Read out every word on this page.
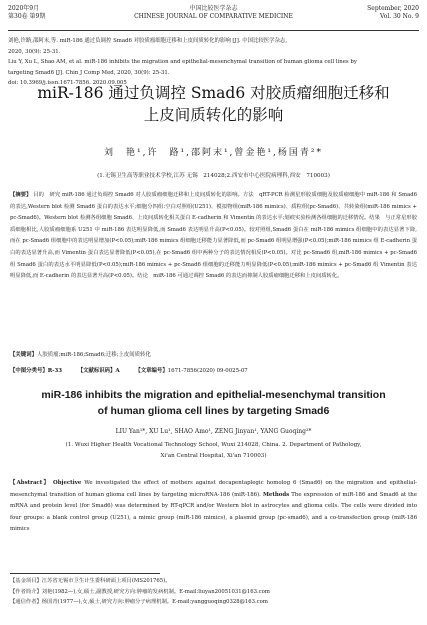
2020年9月
第30卷 第9期
中国比较医学杂志
CHINESE JOURNAL OF COMPARATIVE MEDICINE
September, 2020
Vol. 30 No. 9
刘艳,许路,邵阿末,等. miR-186 通过负调控 Smad6 对胶质瘤细胞迁移和上皮间质转化的影响 [J]. 中国比较医学杂志,
2020, 30(9): 25-31.
Liu Y, Xu L, Shao AM, et al. miR-186 inhibits the migration and epithelial-mesenchymal transition of human glioma cell lines by
targeting Smad6 [J]. Chin J Comp Med, 2020, 30(9): 25-31.
doi: 10.3969/j.issn.1671-7856. 2020.09.005
miR-186 通过负调控 Smad6 对胶质瘤细胞迁移和
上皮间质转化的影响
刘　艳¹,许　路¹,邵阿末¹,曾金艳¹,杨国青²*
(1.无锡卫生高等职业技术学校,江苏 无锡　214028;2.西安市中心医院病理科,西安　710003)

【摘要】 目的　研究 miR-186 通过负调控 Smad6 对人胶质瘤细胞迁移和上皮间质转化的影响。方法　qRT-PCR 检测星形胶质细胞及胶质瘤细胞中 miR-186 和 Smad6 的表达,Western blot 检测 Smad6 蛋白的表达水平;细胞分四组:空白对照组(U251)、模拟物组(miR-186 mimics)、质粒组(pc-Smad6)、共转染组(miR-186 mimics + pc-Smad6)。Western blot 检测各组细胞 Smad6、上皮间质转化相关蛋白 E-cadherin 和 Vimentin 的表达水平;划痕实验检测各组细胞的迁移情况。结果　与正常星形胶质细胞相比,人胶质瘤细胞系 U251 中 miR-186 表达明显降低,而 Smad6 表达明显升高(P<0.05)。较对照组,Smad6 蛋白在 miR-186 mimics 组细胞中的表达显著下降,而在 pc-Smad6 组细胞中的表达明显增加(P<0.05);miR-186 mimics 组细胞迁移能力显著降低,而 pc-Smad6 组明显增强(P<0.05);miR-186 mimics 组 E-cadherin 蛋白的表达显著升高,而 Vimentin 蛋白表达显著降低(P<0.05),在 pc-Smad6 组中两种分子的表达情况相反(P<0.05)。对比 pc-Smad6 组,miR-186 mimics + pc-Smad6 组 Smad6 蛋白的表达水平明显降低(P<0.05);miR-186 mimics + pc-Smad6 组细胞的迁移能力明显降低(P<0.05);miR-186 mimics + pc-Smad6 组 Vimentin 表达明显降低,而 E-cadherin 的表达显著升高(P<0.05)。结论　miR-186 可通过调控 Smad6 的表达而抑制人胶质瘤细胞迁移和上皮间质转化。

【关键词】人胶质瘤;miR-186;Smad6;迁移;上皮间质转化
【中图分类号】R-33	【文献标识码】A	【文章编号】1671-7856(2020) 09-0025-07
miR-186 inhibits the migration and epithelial-mesenchymal transition of human glioma cell lines by targeting Smad6
LIU Yan¹*, XU Lu¹, SHAO Amo¹, ZENG Jinyan¹, YANG Guoqing²*
(1. Wuxi Higher Health Vocational Technology School, Wuxi 214028, China. 2. Department of Pathology,
Xi'an Central Hospital, Xi'an 710003)

【Abstract】 Objective We investigated the effect of mothers against decapentaplegic homolog 6 (Smad6) on the migration and epithelial-mesenchymal transition of human glioma cell lines by targeting microRNA-186 (miR-186). Methods The expression of miR-186 and Smad6 at the mRNA and protein level (for Smad6) was determined by RT-qPCR and/or Western blot in astrocytes and glioma cells. The cells were divided into four groups: a blank control group (U251), a mimic group (miR-186 mimics), a plasmid group (pc-smad6), and a co-transfection group (miR-186 mimics

【基金项目】江苏省无锡市卫生计生委科研面上项目(MS201765)。
【作者简介】刘艳(1982—),女,硕士,副教授,研究方向:肿瘤的发病机制。E-mail:liuyan20051031@163.com
【通信作者】杨国青(1977—),女,硕士,研究方向:肿瘤分子病理机制。E-mail:yangguoqing0328@163.com
